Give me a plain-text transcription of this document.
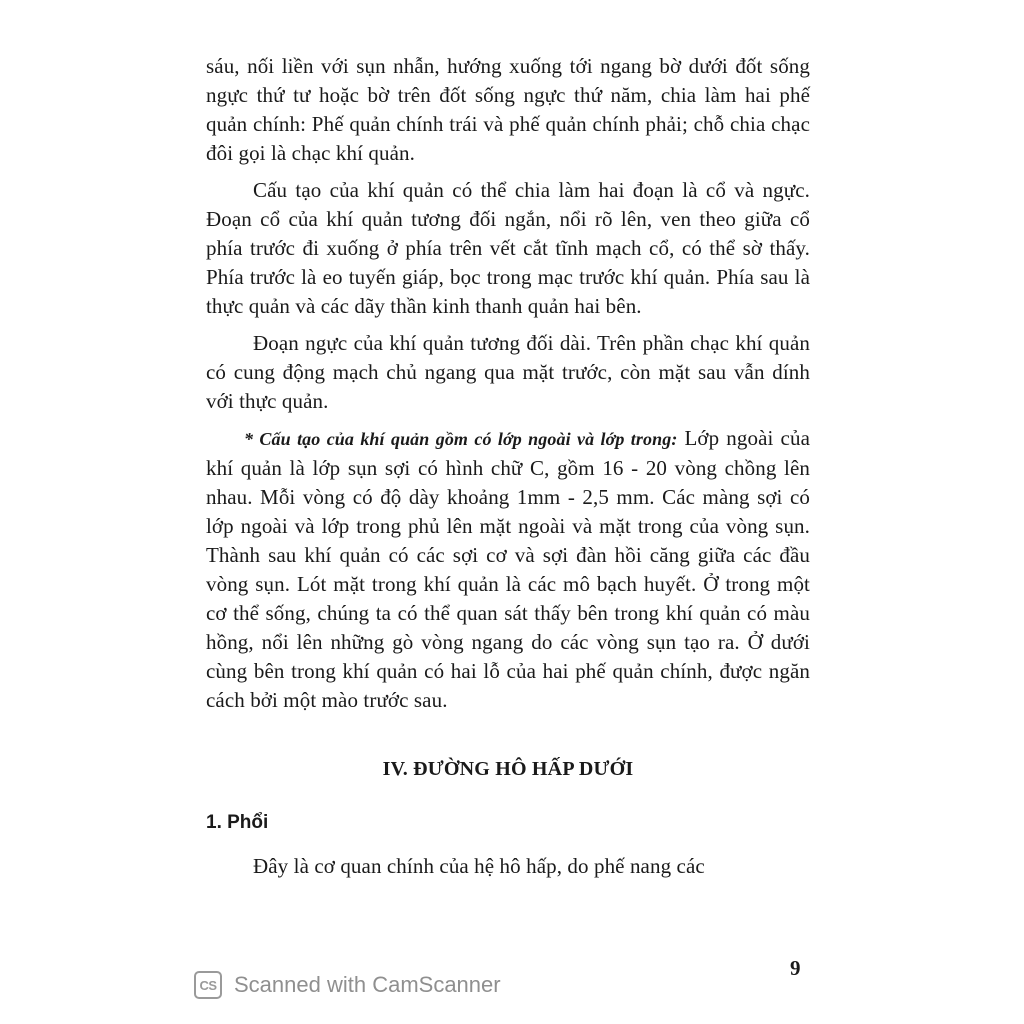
sáu, nối liền với sụn nhẫn, hướng xuống tới ngang bờ dưới đốt sống ngực thứ tư hoặc bờ trên đốt sống ngực thứ năm, chia làm hai phế quản chính: Phế quản chính trái và phế quản chính phải; chỗ chia chạc đôi gọi là chạc khí quản.

Cấu tạo của khí quản có thể chia làm hai đoạn là cổ và ngực. Đoạn cổ của khí quản tương đối ngắn, nổi rõ lên, ven theo giữa cổ phía trước đi xuống ở phía trên vết cắt tĩnh mạch cổ, có thể sờ thấy. Phía trước là eo tuyến giáp, bọc trong mạc trước khí quản. Phía sau là thực quản và các dãy thần kinh thanh quản hai bên.

Đoạn ngực của khí quản tương đối dài. Trên phần chạc khí quản có cung động mạch chủ ngang qua mặt trước, còn mặt sau vẫn dính với thực quản.

* Cấu tạo của khí quản gồm có lớp ngoài và lớp trong: Lớp ngoài của khí quản là lớp sụn sợi có hình chữ C, gồm 16 - 20 vòng chồng lên nhau. Mỗi vòng có độ dày khoảng 1mm - 2,5 mm. Các màng sợi có lớp ngoài và lớp trong phủ lên mặt ngoài và mặt trong của vòng sụn. Thành sau khí quản có các sợi cơ và sợi đàn hồi căng giữa các đầu vòng sụn. Lót mặt trong khí quản là các mô bạch huyết. Ở trong một cơ thể sống, chúng ta có thể quan sát thấy bên trong khí quản có màu hồng, nổi lên những gò vòng ngang do các vòng sụn tạo ra. Ở dưới cùng bên trong khí quản có hai lỗ của hai phế quản chính, được ngăn cách bởi một mào trước sau.

IV. ĐƯỜNG HÔ HẤP DƯỚI
1. Phổi

Đây là cơ quan chính của hệ hô hấp, do phế nang các

9
CS Scanned with CamScanner
